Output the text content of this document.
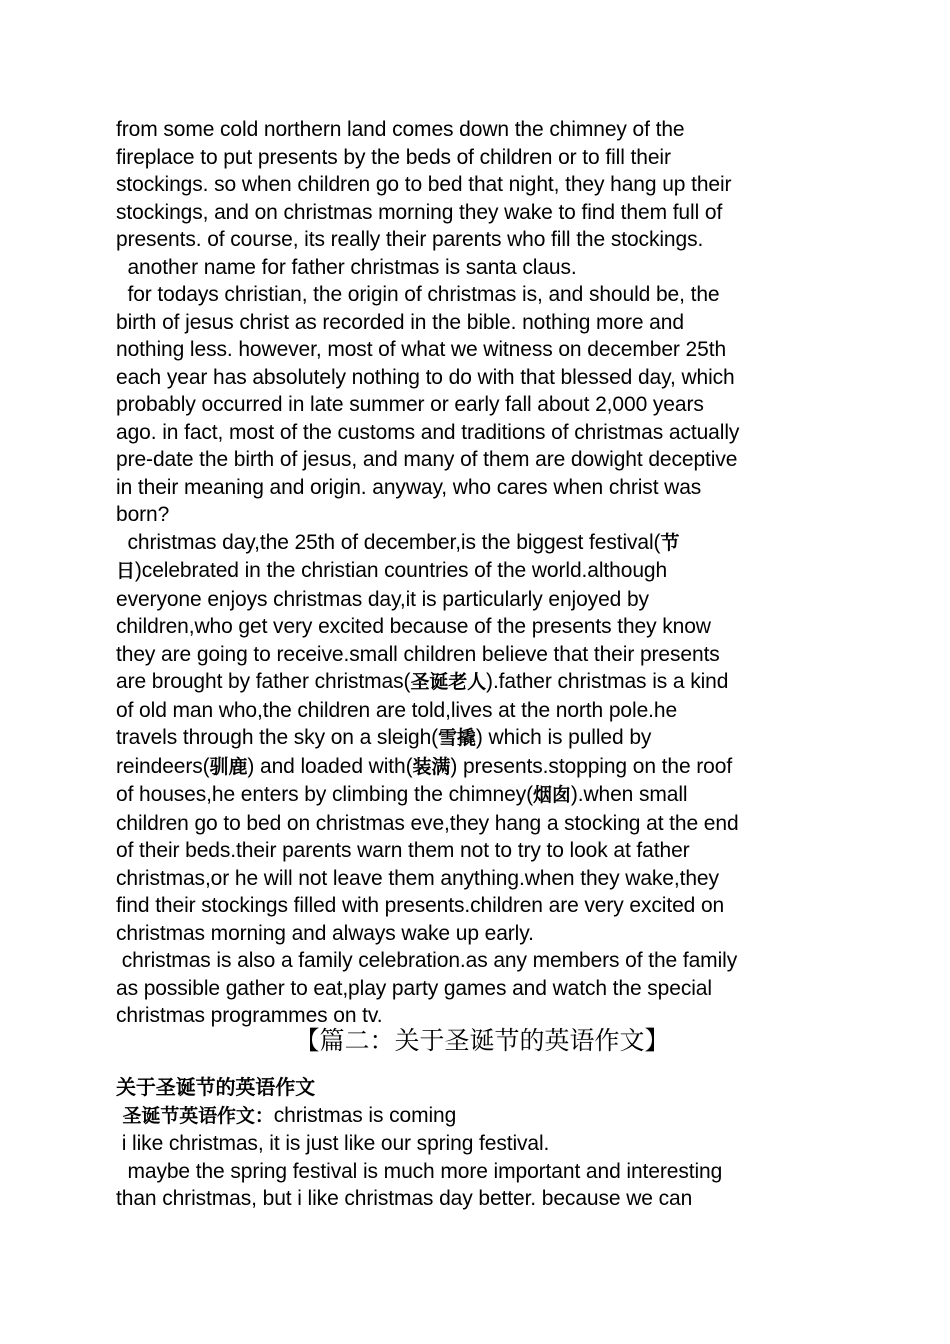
from some cold northern land comes down the chimney of the
fireplace to put presents by the beds of children or to fill their
stockings. so when children go to bed that night, they hang up their
stockings, and on christmas morning they wake to find them full of
presents. of course, its really their parents who fill the stockings.
another name for father christmas is santa claus.
for todays christian, the origin of christmas is, and should be, the
birth of jesus christ as recorded in the bible. nothing more and
nothing less. however, most of what we witness on december 25th
each year has absolutely nothing to do with that blessed day, which
probably occurred in late summer or early fall about 2,000 years
ago. in fact, most of the customs and traditions of christmas actually
pre-date the birth of jesus, and many of them are dowight deceptive
in their meaning and origin. anyway, who cares when christ was
born?
christmas day,the 25th of december,is the biggest festival(节
日)celebrated in the christian countries of the world.although
everyone enjoys christmas day,it is particularly enjoyed by
children,who get very excited because of the presents they know
they are going to receive.small children believe that their presents
are brought by father christmas(圣诞老人).father christmas is a kind
of old man who,the children are told,lives at the north pole.he
travels through the sky on a sleigh(雪撬) which is pulled by
reindeers(驯鹿) and loaded with(装满) presents.stopping on the roof
of houses,he enters by climbing the chimney(烟囱).when small
children go to bed on christmas eve,they hang a stocking at the end
of their beds.their parents warn them not to try to look at father
christmas,or he will not leave them anything.when they wake,they
find their stockings filled with presents.children are very excited on
christmas morning and always wake up early.
christmas is also a family celebration.as any members of the family
as possible gather to eat,play party games and watch the special
christmas programmes on tv.
【篇二：关于圣诞节的英语作文】
关于圣诞节的英语作文
圣诞节英语作文：christmas is coming
i like christmas, it is just like our spring festival.
maybe the spring festival is much more important and interesting
than christmas, but i like christmas day better. because we can
